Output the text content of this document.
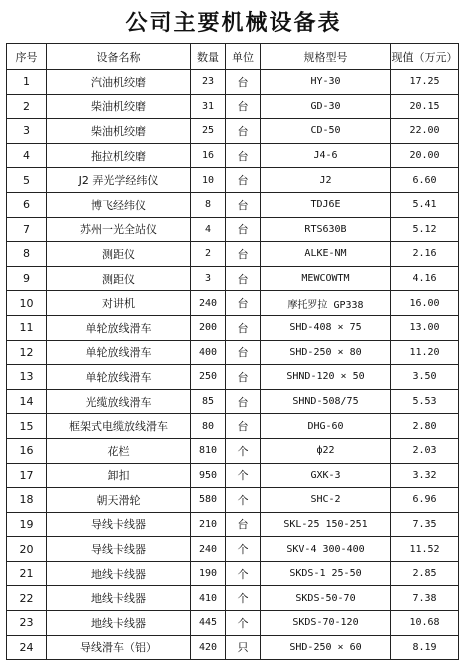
公司主要机械设备表
序号	设备名称	数量	单位	规格型号	现值（万元）
1	汽油机绞磨	23	台	HY-30	17.25
2	柴油机绞磨	31	台	GD-30	20.15
3	柴油机绞磨	25	台	CD-50	22.00
4	拖拉机绞磨	16	台	J4-6	20.00
5	J2 弄光学经纬仪	10	台	J2	6.60
6	博飞经纬仪	8	台	TDJ6E	5.41
7	苏州一光全站仪	4	台	RTS630B	5.12
8	测距仪	2	台	ALKE-NM	2.16
9	测距仪	3	台	MEWCOWTM	4.16
10	对讲机	240	台	摩托罗拉 GP338	16.00
11	单轮放线滑车	200	台	SHD-408 × 75	13.00
12	单轮放线滑车	400	台	SHD-250 × 80	11.20
13	单轮放线滑车	250	台	SHND-120 × 50	3.50
14	光缆放线滑车	85	台	SHND-508/75	5.53
15	框架式电缆放线滑车	80	台	DHG-60	2.80
16	花栏	810	个	ф22	2.03
17	卸扣	950	个	GXK-3	3.32
18	朝天滑轮	580	个	SHC-2	6.96
19	导线卡线器	210	台	SKL-25 150-251	7.35
20	导线卡线器	240	个	SKV-4 300-400	11.52
21	地线卡线器	190	个	SKDS-1 25-50	2.85
22	地线卡线器	410	个	SKDS-50-70	7.38
23	地线卡线器	445	个	SKDS-70-120	10.68
24	导线滑车（铝）	420	只	SHD-250 × 60	8.19
